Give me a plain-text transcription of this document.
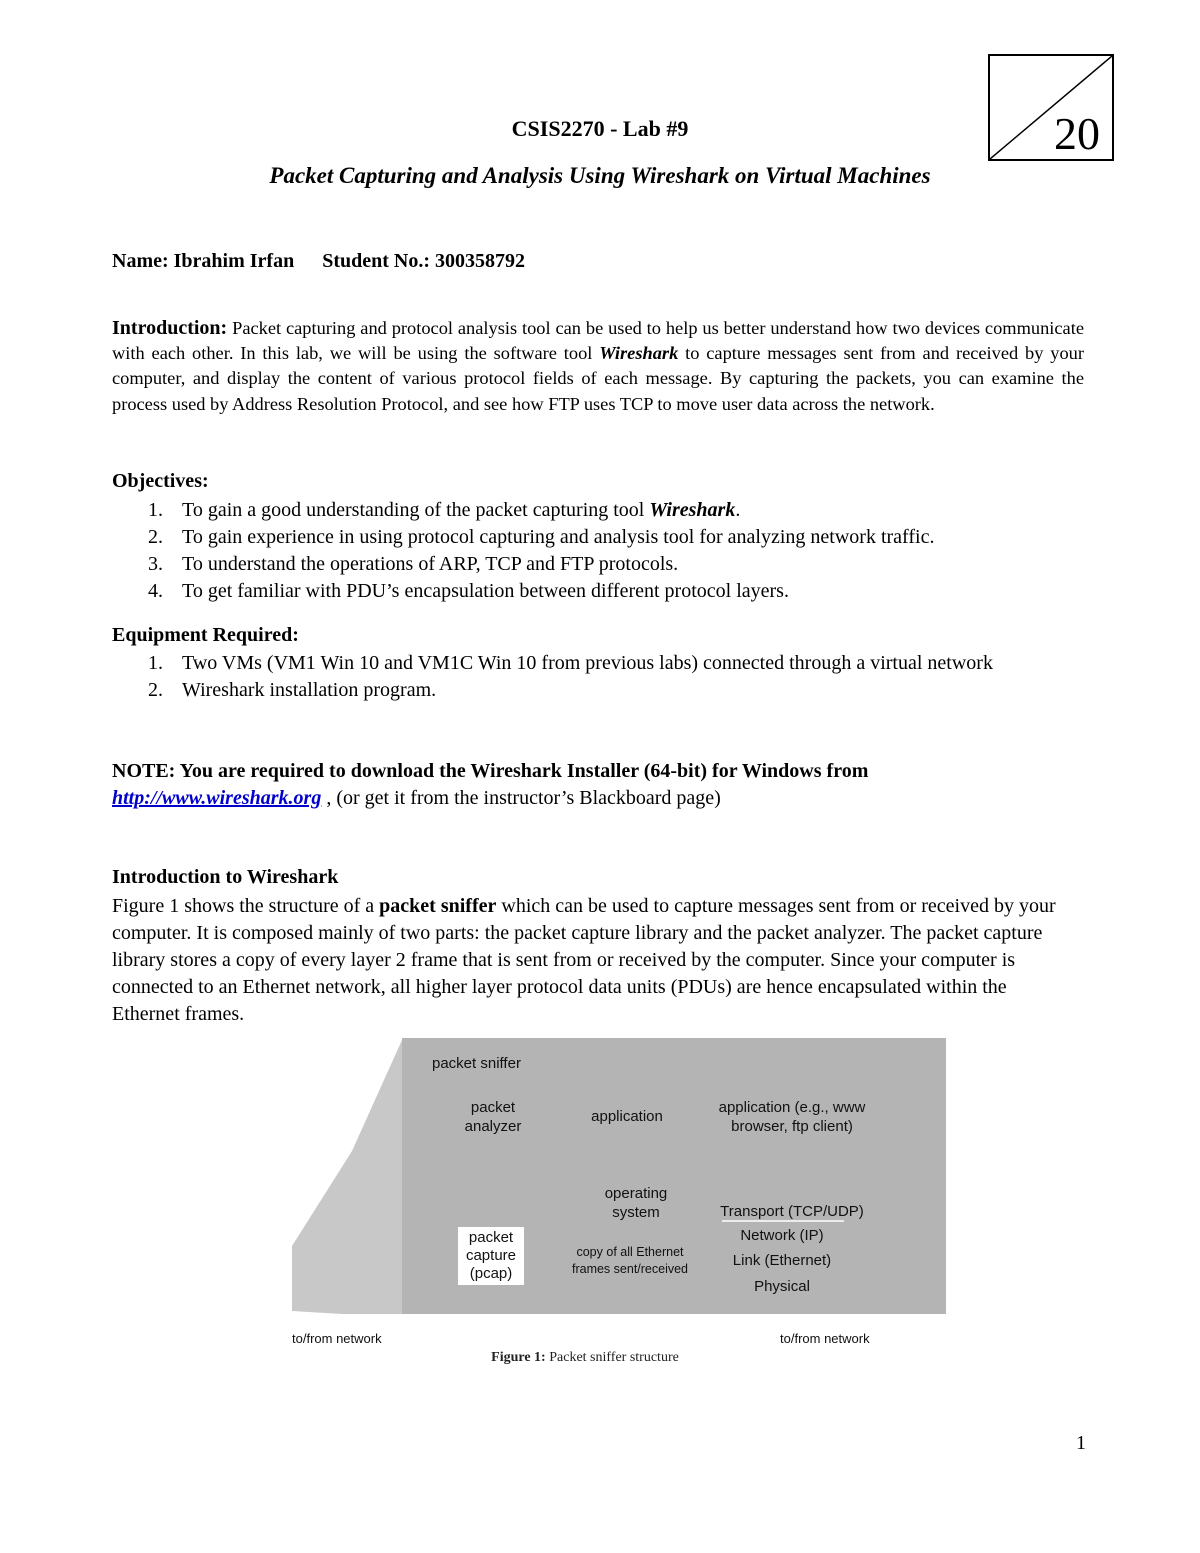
20
CSIS2270 - Lab #9
Packet Capturing and Analysis Using Wireshark on Virtual Machines
Name: Ibrahim Irfan Student No.: 300358792
Introduction: Packet capturing and protocol analysis tool can be used to help us better understand how two devices communicate with each other. In this lab, we will be using the software tool Wireshark to capture messages sent from and received by your computer, and display the content of various protocol fields of each message. By capturing the packets, you can examine the process used by Address Resolution Protocol, and see how FTP uses TCP to move user data across the network.
Objectives:
1. To gain a good understanding of the packet capturing tool Wireshark.
2. To gain experience in using protocol capturing and analysis tool for analyzing network traffic.
3. To understand the operations of ARP, TCP and FTP protocols.
4. To get familiar with PDU’s encapsulation between different protocol layers.
Equipment Required:
1. Two VMs (VM1 Win 10 and VM1C Win 10 from previous labs) connected through a virtual network
2. Wireshark installation program.
NOTE: You are required to download the Wireshark Installer (64-bit) for Windows from
http://www.wireshark.org , (or get it from the instructor’s Blackboard page)
Introduction to Wireshark
Figure 1 shows the structure of a packet sniffer which can be used to capture messages sent from or received by your computer. It is composed mainly of two parts: the packet capture library and the packet analyzer. The packet capture library stores a copy of every layer 2 frame that is sent from or received by the computer. Since your computer is connected to an Ethernet network, all higher layer protocol data units (PDUs) are hence encapsulated within the Ethernet frames.
packet sniffer
packet analyzer
application
application (e.g., www browser, ftp client)
operating system	Transport (TCP/UDP)
Network (IP)
Link (Ethernet)
Physical
packet capture (pcap)
copy of all Ethernet frames sent/received
to/from network	to/from network
Figure 1: Packet sniffer structure
1
